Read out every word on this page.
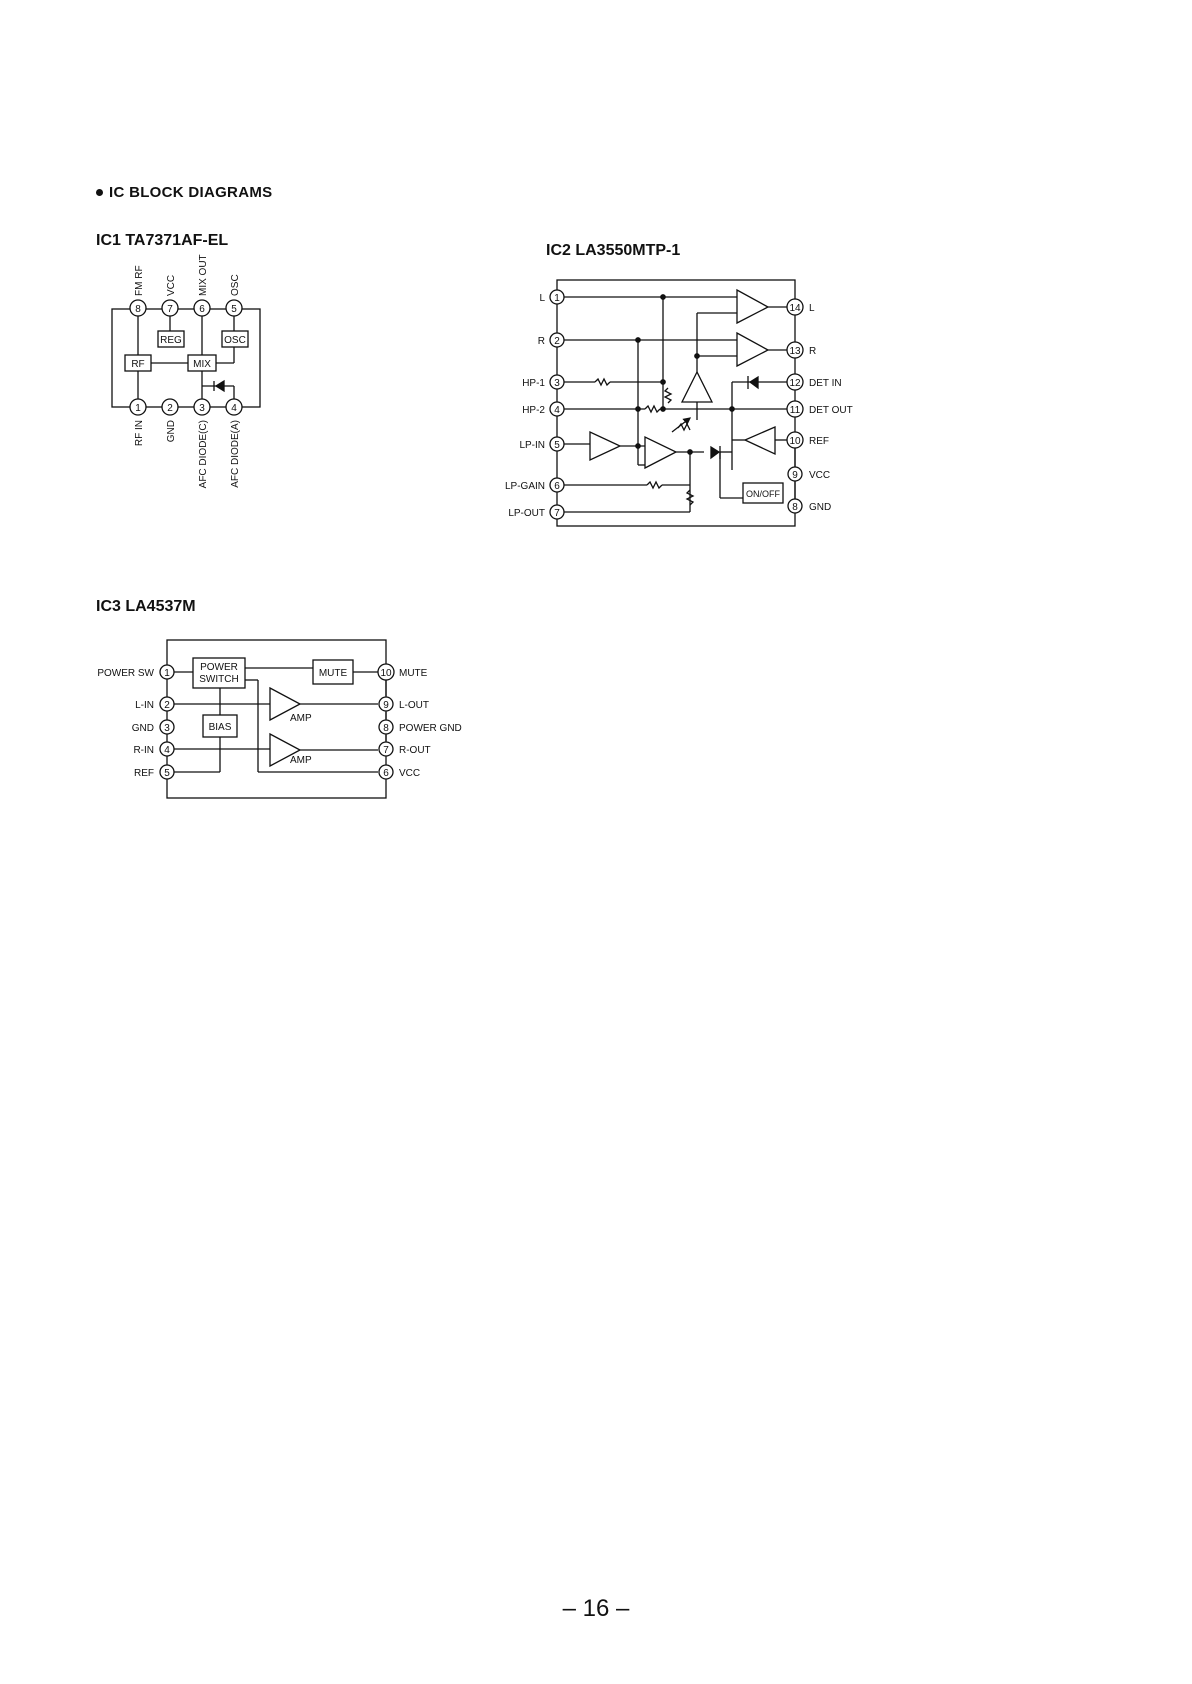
IC BLOCK DIAGRAMS
IC1 TA7371AF-EL
IC2 LA3550MTP-1
IC3 LA4537M
REG	OSC
RF	MIX
8	7	6	5
1	2	3	4
FM RF VCC MIX OUT OSC
RF IN GND AFC DIODE(C) AFC DIODE(A)
1
2
3
4
5
6
7
L
R
HP-1
HP-2
LP-IN
LP-GAIN
LP-OUT
14
13
12
11
10
9
8
L
R
DET IN
DET OUT
REF
VCC
GND
ON/OFF
1
2
3
4
5
POWER SW
L-IN
GND
R-IN
REF
10
9
8
7
6
MUTE
L-OUT
POWER GND
R-OUT
VCC
POWER
SWITCH
MUTE
BIAS
AMP
AMP
– 16 –
